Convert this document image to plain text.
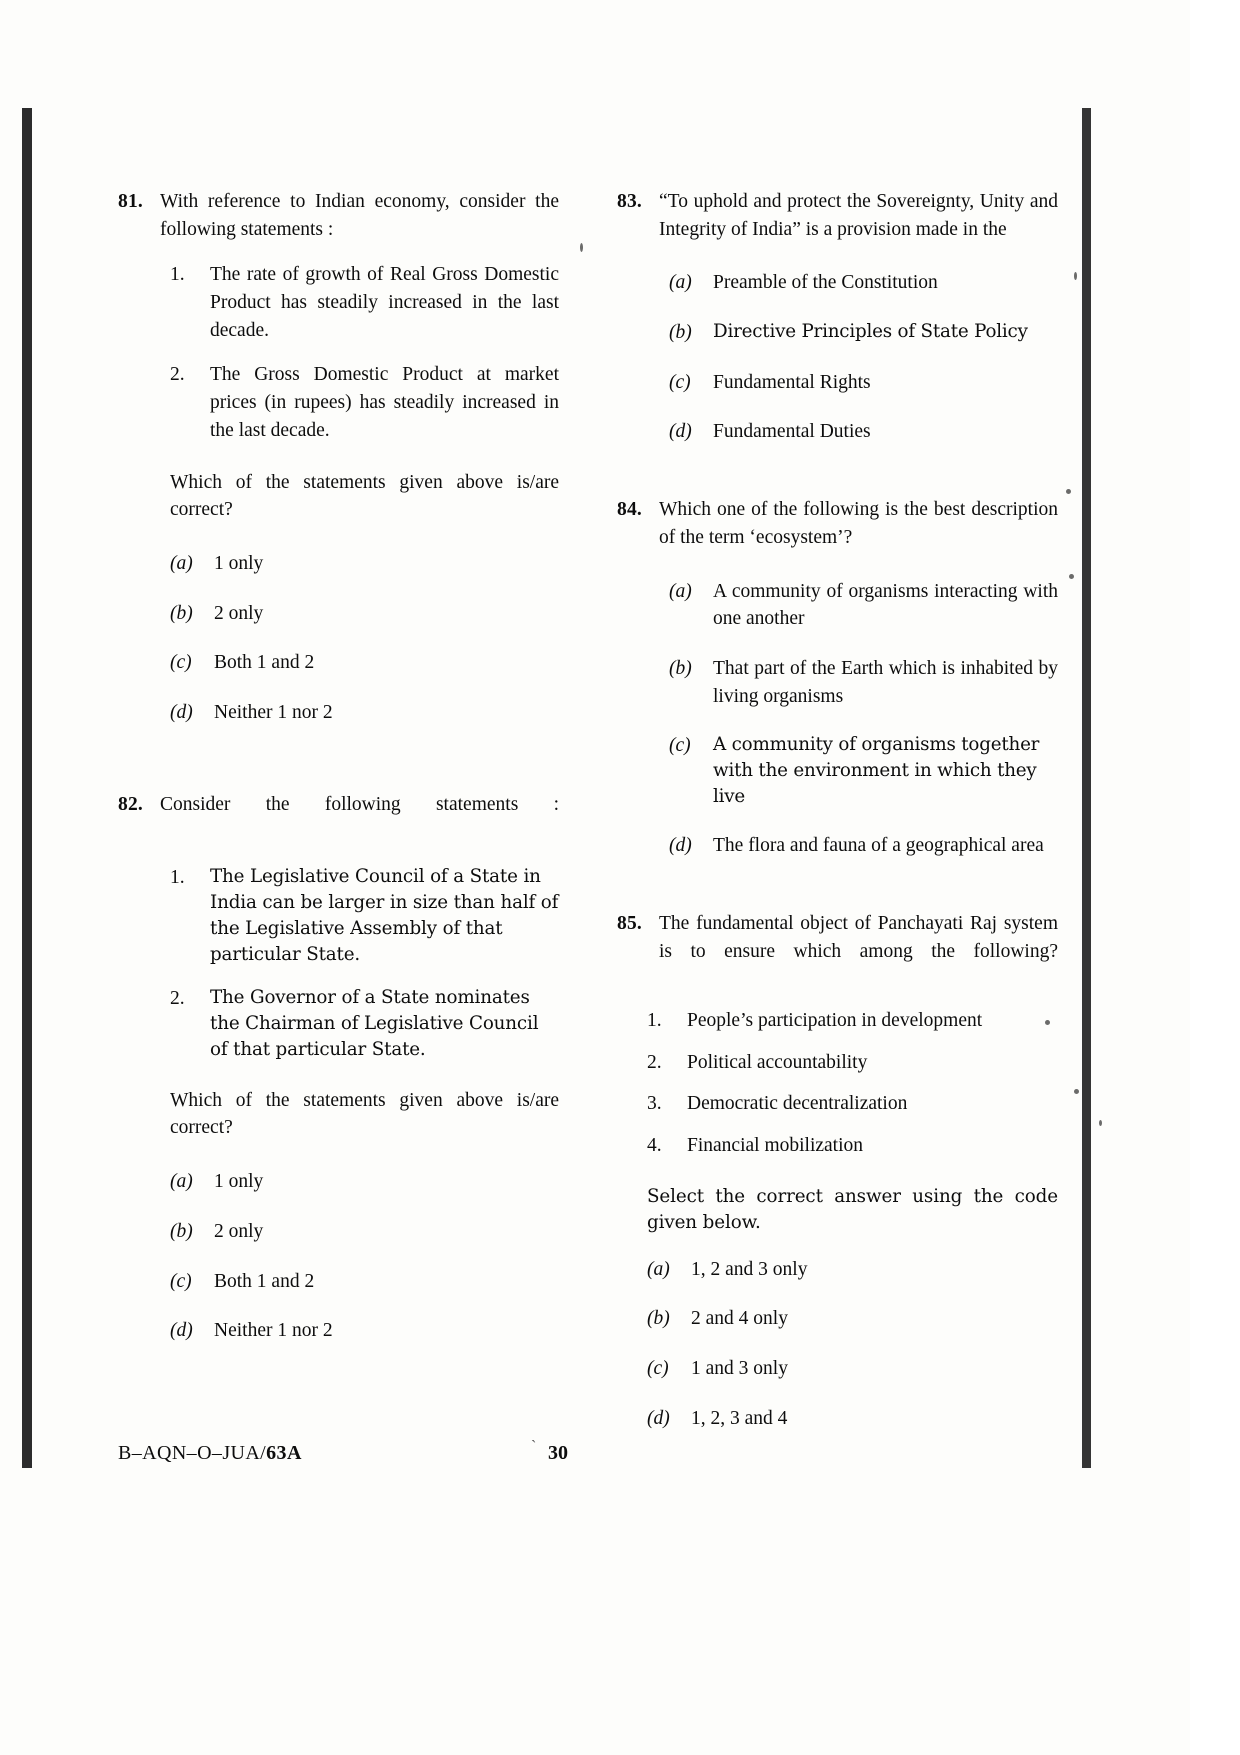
81. With reference to Indian economy, consider the following statements :
1.	The rate of growth of Real Gross Domestic Product has steadily increased in the last decade.
2.	The Gross Domestic Product at market prices (in rupees) has steadily increased in the last decade.
Which of the statements given above is/are correct?
(a)	1 only
(b)	2 only
(c)	Both 1 and 2
(d)	Neither 1 nor 2
82. Consider the following statements :
1.	The Legislative Council of a State in India can be larger in size than half of the Legislative Assembly of that particular State.
2.	The Governor of a State nominates the Chairman of Legislative Council of that particular State.
Which of the statements given above is/are correct?
(a)	1 only
(b)	2 only
(c)	Both 1 and 2
(d)	Neither 1 nor 2
83. “To uphold and protect the Sovereignty, Unity and Integrity of India” is a provision made in the
(a)	Preamble of the Constitution
(b)	Directive Principles of State Policy
(c)	Fundamental Rights
(d)	Fundamental Duties
84. Which one of the following is the best description of the term ‘ecosystem’?
(a)	A community of organisms interacting with one another
(b)	That part of the Earth which is inhabited by living organisms
(c)	A community of organisms together with the environment in which they live
(d)	The flora and fauna of a geographical area
85. The fundamental object of Panchayati Raj system is to ensure which among the following?
1.	People’s participation in development
2.	Political accountability
3.	Democratic decentralization
4.	Financial mobilization
Select the correct answer using the code given below.
(a)	1, 2 and 3 only
(b)	2 and 4 only
(c)	1 and 3 only
(d)	1, 2, 3 and 4
B–AQN–O–JUA/63A	` 30
